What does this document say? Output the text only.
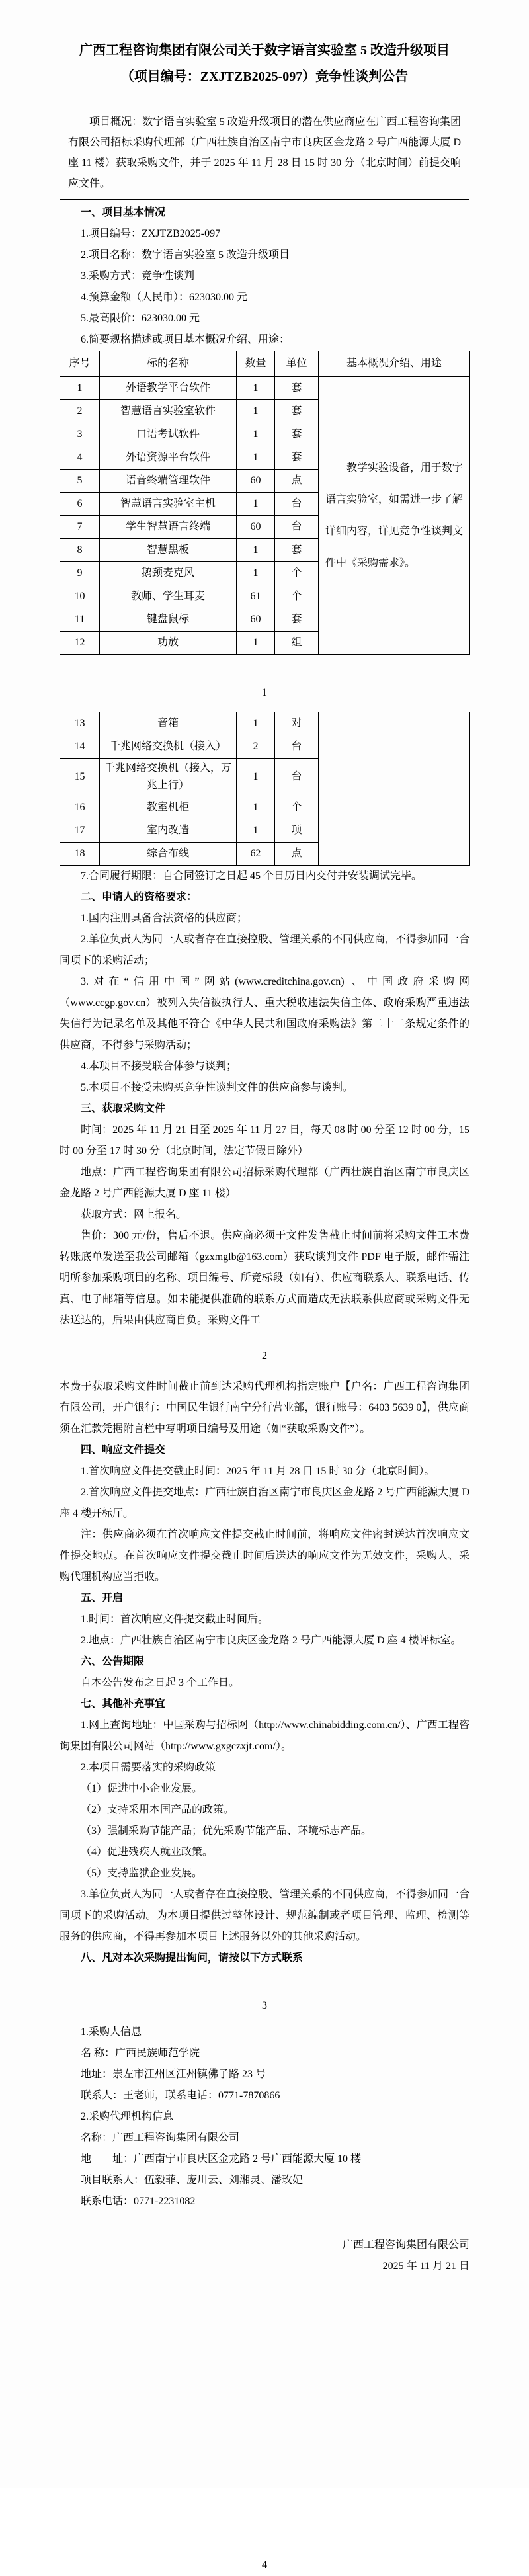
广西工程咨询集团有限公司关于数字语言实验室 5 改造升级项目
（项目编号：ZXJTZB2025-097）竞争性谈判公告

项目概况：数字语言实验室 5 改造升级项目的潜在供应商应在广西工程咨询集团有限公司招标采购代理部（广西壮族自治区南宁市良庆区金龙路 2 号广西能源大厦 D 座 11 楼）获取采购文件，并于 2025 年 11 月 28 日 15 时 30 分（北京时间）前提交响应文件。

一、项目基本情况

1.项目编号：ZXJTZB2025-097

2.项目名称：数字语言实验室 5 改造升级项目

3.采购方式：竞争性谈判

4.预算金额（人民币）：623030.00 元

5.最高限价：623030.00 元

6.简要规格描述或项目基本概况介绍、用途：

序号	标的名称	数量	单位	基本概况介绍、用途
1	外语教学平台软件	1	套	教学实验设备，用于数字语言实验室，如需进一步了解详细内容，详见竞争性谈判文件中《采购需求》。

2	智慧语言实验室软件	1	套	
3	口语考试软件	1	套	
4	外语资源平台软件	1	套	
5	语音终端管理软件	60	点	
6	智慧语言实验室主机	1	台	
7	学生智慧语言终端	60	台	
8	智慧黑板	1	套	
9	鹅颈麦克风	1	个	
10	教师、学生耳麦	61	个	
11	键盘鼠标	60	套	
12	功放	1	组	

1

13	音箱	1	对	
14	千兆网络交换机（接入）	2	台	
15	千兆网络交换机（接入，万兆上行）	1	台	
16	教室机柜	1	个	
17	室内改造	1	项	
18	综合布线	62	点	

7.合同履行期限：自合同签订之日起 45 个日历日内交付并安装调试完毕。

二、申请人的资格要求：

1.国内注册具备合法资格的供应商；

2.单位负责人为同一人或者存在直接控股、管理关系的不同供应商，不得参加同一合同项下的采购活动；

3.对在“信用中国”网站(www.creditchina.gov.cn) 、中国政府采购网（www.ccgp.gov.cn）被列入失信被执行人、重大税收违法失信主体、政府采购严重违法失信行为记录名单及其他不符合《中华人民共和国政府采购法》第二十二条规定条件的供应商，不得参与采购活动；

4.本项目不接受联合体参与谈判；

5.本项目不接受未购买竞争性谈判文件的供应商参与谈判。

三、获取采购文件

时间：2025 年 11 月 21 日至 2025 年 11 月 27 日，每天 08 时 00 分至 12 时 00 分，15 时 00 分至 17 时 30 分（北京时间，法定节假日除外）

地点：广西工程咨询集团有限公司招标采购代理部（广西壮族自治区南宁市良庆区金龙路 2 号广西能源大厦 D 座 11 楼）

获取方式：网上报名。

售价：300 元/份，售后不退。供应商必须于文件发售截止时间前将采购文件工本费转账底单发送至我公司邮箱（gzxmglb@163.com）获取谈判文件 PDF 电子版，邮件需注明所参加采购项目的名称、项目编号、所竞标段（如有）、供应商联系人、联系电话、传真、电子邮箱等信息。如未能提供准确的联系方式而造成无法联系供应商或采购文件无法送达的，后果由供应商自负。采购文件工

2

本费于获取采购文件时间截止前到达采购代理机构指定账户【户名：广西工程咨询集团有限公司，开户银行：中国民生银行南宁分行营业部，银行账号：6403 5639 0】，供应商须在汇款凭据附言栏中写明项目编号及用途（如“获取采购文件”）。

四、响应文件提交

1.首次响应文件提交截止时间：2025 年 11 月 28 日 15 时 30 分（北京时间）。

2.首次响应文件提交地点：广西壮族自治区南宁市良庆区金龙路 2 号广西能源大厦 D 座 4 楼开标厅。

注：供应商必须在首次响应文件提交截止时间前，将响应文件密封送达首次响应文件提交地点。在首次响应文件提交截止时间后送达的响应文件为无效文件，采购人、采购代理机构应当拒收。

五、开启

1.时间：首次响应文件提交截止时间后。

2.地点：广西壮族自治区南宁市良庆区金龙路 2 号广西能源大厦 D 座 4 楼评标室。

六、公告期限

自本公告发布之日起 3 个工作日。

七、其他补充事宜

1.网上查询地址：中国采购与招标网（http://www.chinabidding.com.cn/）、广西工程咨询集团有限公司网站（http://www.gxgczxjt.com/）。

2.本项目需要落实的采购政策

（1）促进中小企业发展。

（2）支持采用本国产品的政策。

（3）强制采购节能产品；优先采购节能产品、环境标志产品。

（4）促进残疾人就业政策。

（5）支持监狱企业发展。

3.单位负责人为同一人或者存在直接控股、管理关系的不同供应商，不得参加同一合同项下的采购活动。为本项目提供过整体设计、规范编制或者项目管理、监理、检测等服务的供应商，不得再参加本项目上述服务以外的其他采购活动。

八、凡对本次采购提出询问，请按以下方式联系

3

1.采购人信息

名 称：广西民族师范学院

地址：崇左市江州区江州镇佛子路 23 号

联系人：王老师，联系电话：0771-7870866

2.采购代理机构信息

名称：广西工程咨询集团有限公司

地　　址：广西南宁市良庆区金龙路 2 号广西能源大厦 10 楼

项目联系人：伍毅菲、庞川云、刘湘灵、潘玫妃

联系电话：0771-2231082

广西工程咨询集团有限公司

2025 年 11 月 21 日

4
